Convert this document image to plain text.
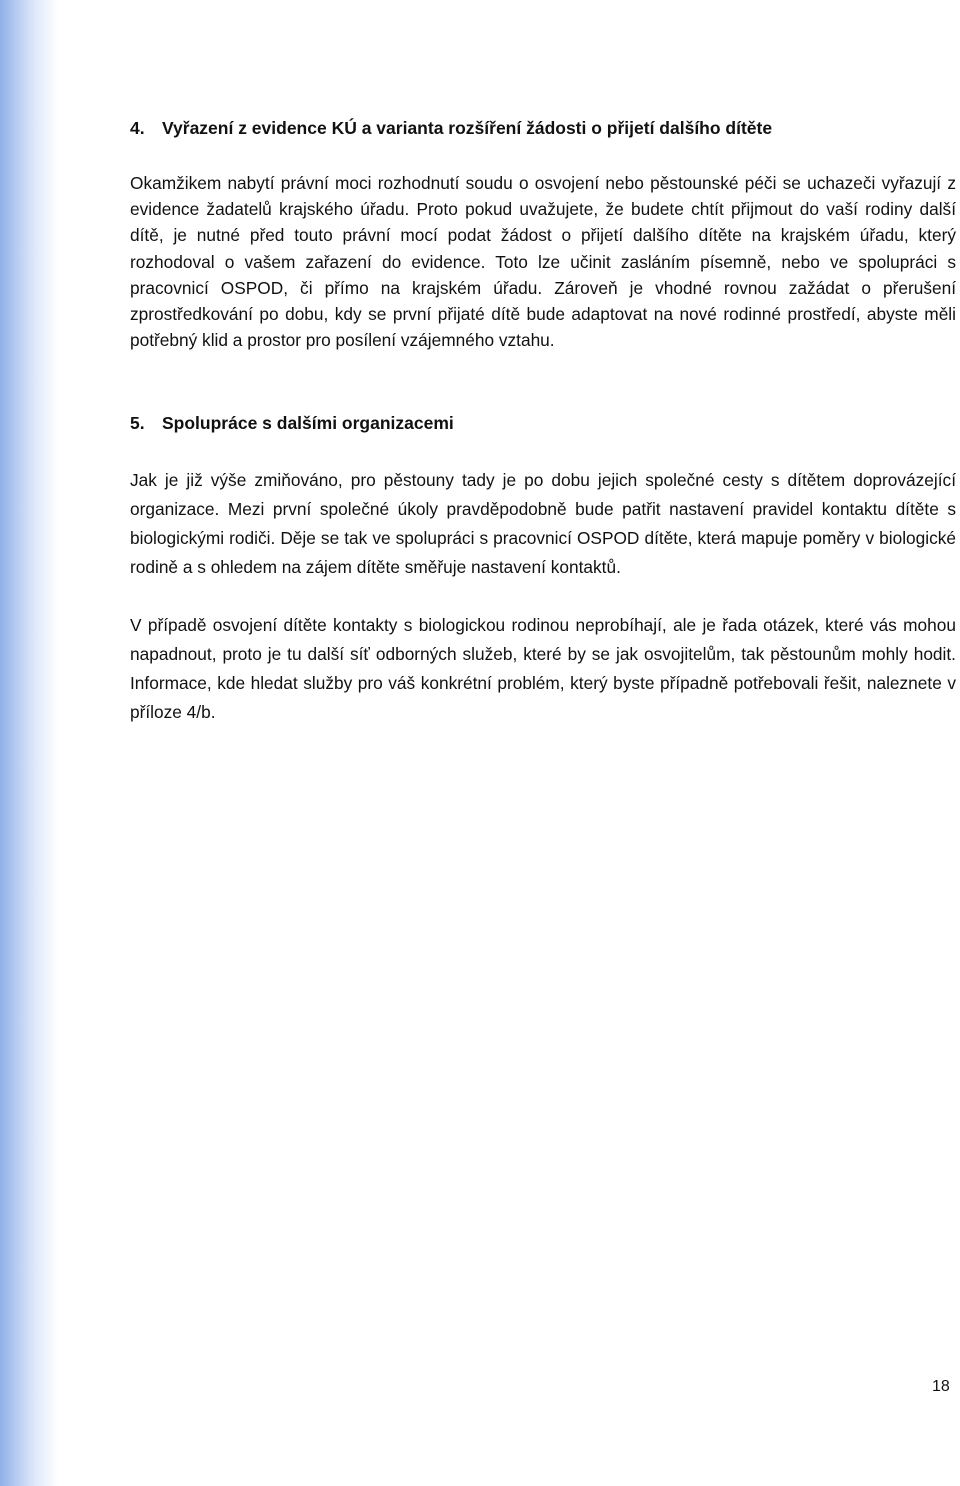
4. Vyřazení z evidence KÚ a varianta rozšíření žádosti o přijetí dalšího dítěte

Okamžikem nabytí právní moci rozhodnutí soudu o osvojení nebo pěstounské péči se uchazeči vyřazují z evidence žadatelů krajského úřadu. Proto pokud uvažujete, že budete chtít přijmout do vaší rodiny další dítě, je nutné před touto právní mocí podat žádost o přijetí dalšího dítěte na krajském úřadu, který rozhodoval o vašem zařazení do evidence. Toto lze učinit zasláním písemně, nebo ve spolupráci s pracovnicí OSPOD, či přímo na krajském úřadu. Zároveň je vhodné rovnou zažádat o přerušení zprostředkování po dobu, kdy se první přijaté dítě bude adaptovat na nové rodinné prostředí, abyste měli potřebný klid a prostor pro posílení vzájemného vztahu.

5. Spolupráce s dalšími organizacemi

Jak je již výše zmiňováno, pro pěstouny tady je po dobu jejich společné cesty s dítětem doprovázející organizace. Mezi první společné úkoly pravděpodobně bude patřit nastavení pravidel kontaktu dítěte s biologickými rodiči. Děje se tak ve spolupráci s pracovnicí OSPOD dítěte, která mapuje poměry v biologické rodině a s ohledem na zájem dítěte směřuje nastavení kontaktů.

V případě osvojení dítěte kontakty s biologickou rodinou neprobíhají, ale je řada otázek, které vás mohou napadnout, proto je tu další síť odborných služeb, které by se jak osvojitelům, tak pěstounům mohly hodit. Informace, kde hledat služby pro váš konkrétní problém, který byste případně potřebovali řešit, naleznete v příloze 4/b.

18
